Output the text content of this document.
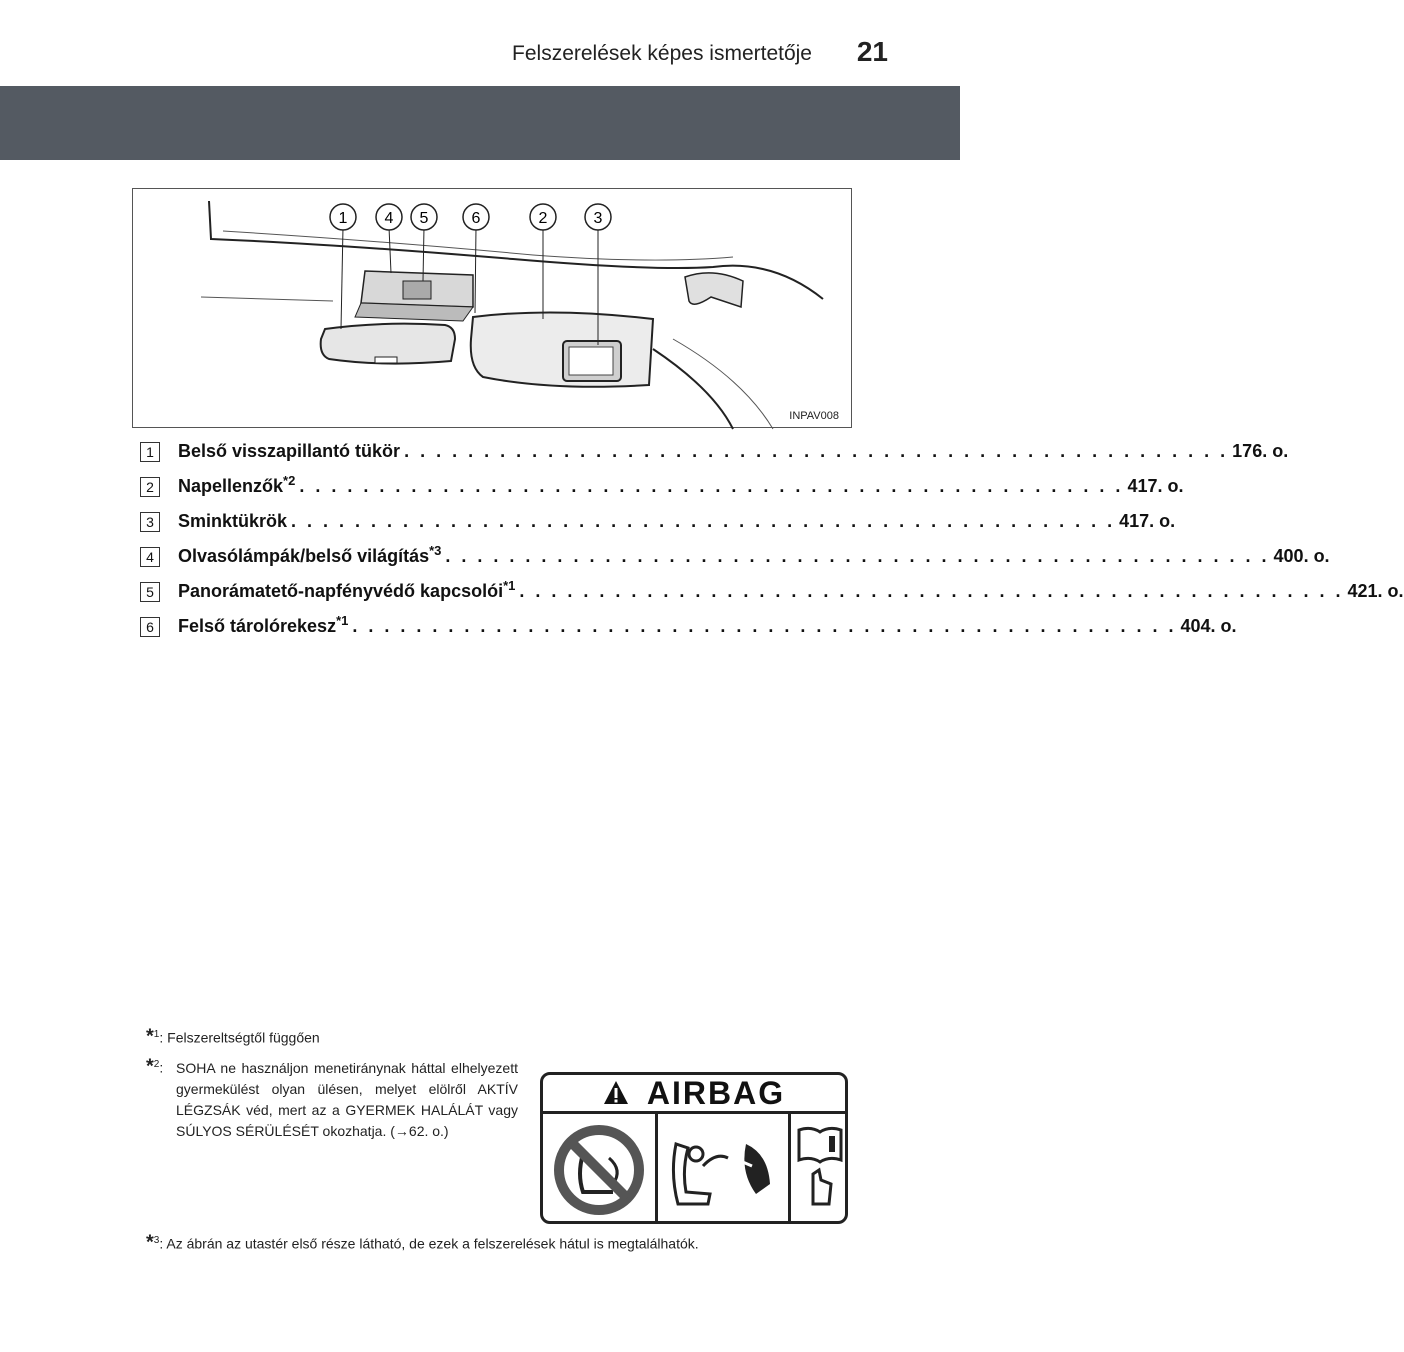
Felszerelések képes ismertetője 21
1 4 5	6	2	3
INPAV008
1	Belső visszapillantó tükör . . . . . . . . . . . . . . . . . . . . . . . . . . . . . . . . . . . . . . . . . . . . . . . . . . . . 176. o.
2	Napellenzők$^{*2}$ . . . . . . . . . . . . . . . . . . . . . . . . . . . . . . . . . . . . . . . . . . . . . . . . . . . . 417. o.
3	Sminktükrök . . . . . . . . . . . . . . . . . . . . . . . . . . . . . . . . . . . . . . . . . . . . . . . . . . . . 417. o.
4	Olvasólámpák/belső világítás$^{*3}$ . . . . . . . . . . . . . . . . . . . . . . . . . . . . . . . . . . . . . . . . . . . . . . . . . . . . 400. o.
5	Panorámatető-napfényvédő kapcsolói$^{*1}$ . . . . . . . . . . . . . . . . . . . . . . . . . . . . . . . . . . . . . . . . . . . . . . . . . . . . 421. o.
6	Felső tárolórekesz$^{*1}$ . . . . . . . . . . . . . . . . . . . . . . . . . . . . . . . . . . . . . . . . . . . . . . . . . . . . 404. o.
*$^1$: Felszereltségtől függően
*$^2$: SOHA ne használjon menetiránynak háttal elhelyezett gyermekülést olyan ülésen, melyet elölről AKTÍV LÉGZSÁK véd, mert az a GYERMEK HALÁLÁT vagy SÚLYOS SÉRÜLÉSÉT okozhatja. (→62. o.)
AIRBAG
*$^3$: Az ábrán az utastér első része látható, de ezek a felszerelések hátul is megtalálhatók.
